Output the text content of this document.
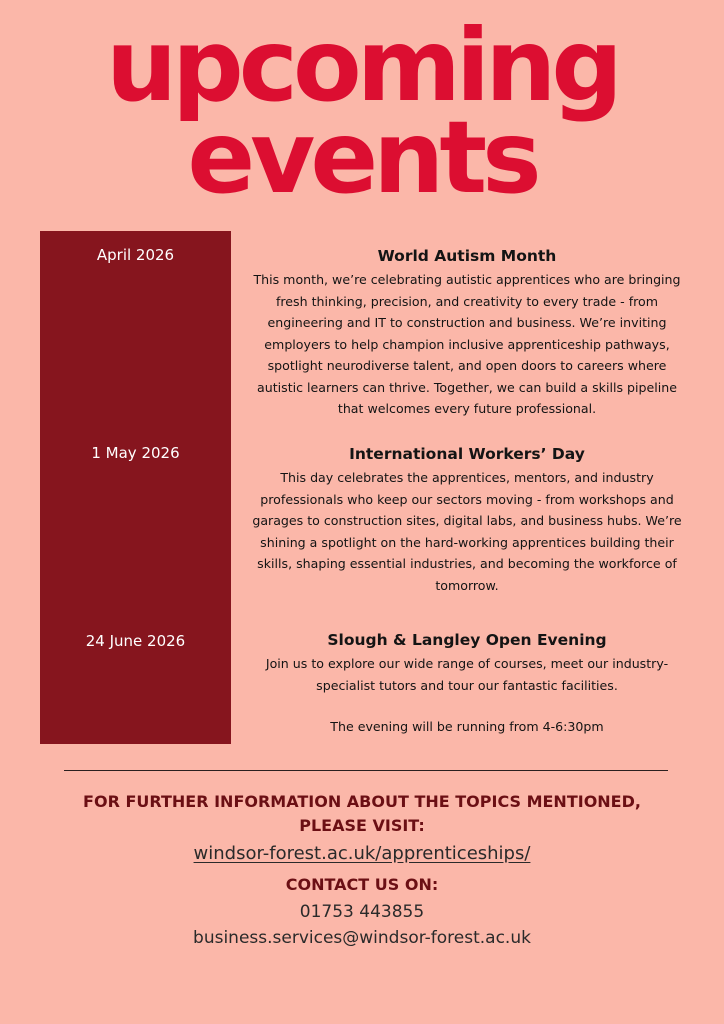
upcoming
events
April 2026
1 May 2026
24 June 2026
World Autism Month

This month, we’re celebrating autistic apprentices who are bringing fresh thinking, precision, and creativity to every trade - from engineering and IT to construction and business. We’re inviting employers to help champion inclusive apprenticeship pathways, spotlight neurodiverse talent, and open doors to careers where autistic learners can thrive. Together, we can build a skills pipeline that welcomes every future professional.

International Workers’ Day

This day celebrates the apprentices, mentors, and industry professionals who keep our sectors moving - from workshops and garages to construction sites, digital labs, and business hubs. We’re shining a spotlight on the hard-working apprentices building their skills, shaping essential industries, and becoming the workforce of tomorrow.

Slough & Langley Open Evening

Join us to explore our wide range of courses, meet our industry-specialist tutors and tour our fantastic facilities.

The evening will be running from 4-6:30pm

FOR FURTHER INFORMATION ABOUT THE TOPICS MENTIONED,
PLEASE VISIT:
windsor-forest.ac.uk/apprenticeships/
CONTACT US ON:
01753 443855
business.services@windsor-forest.ac.uk
